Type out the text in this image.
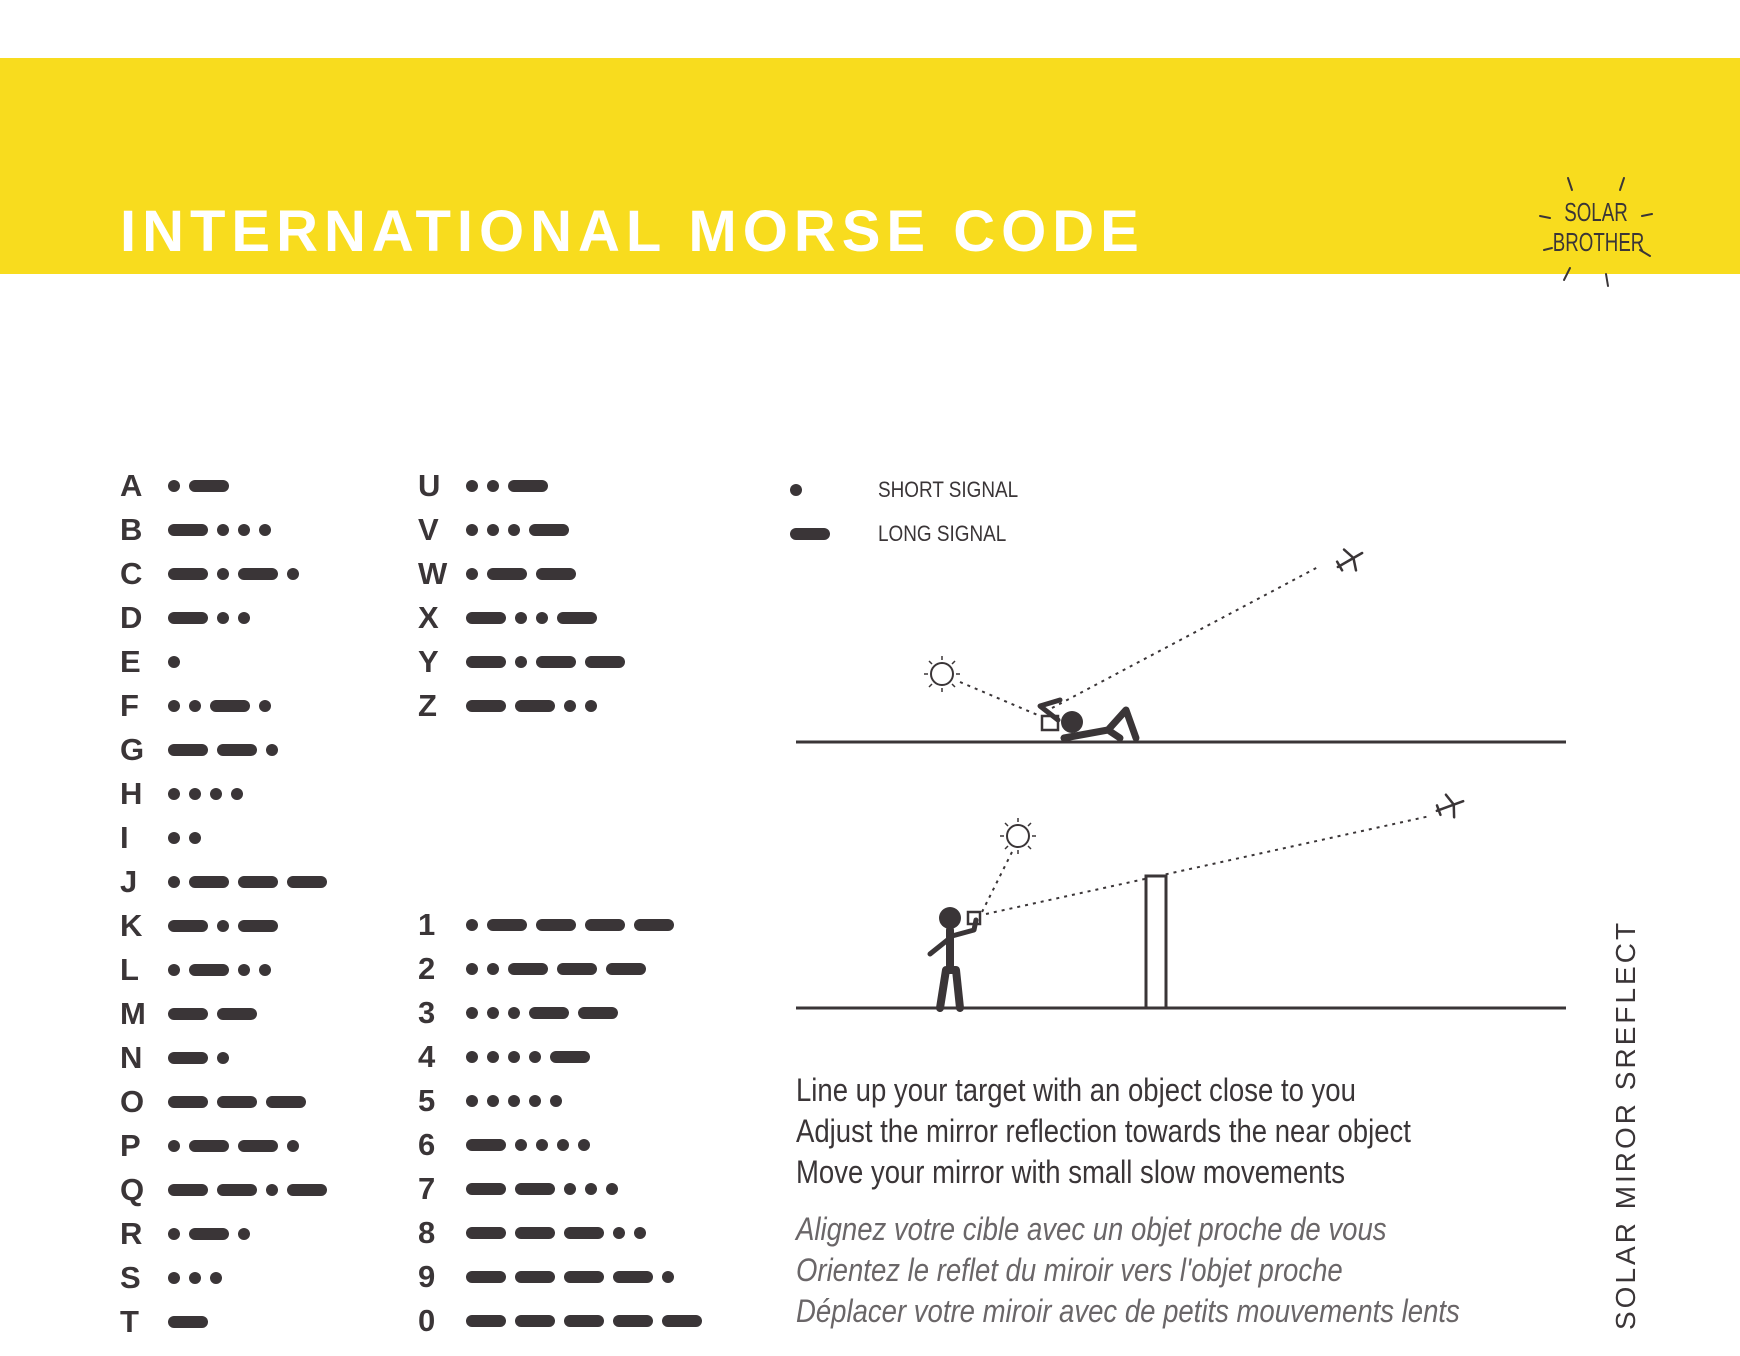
INTERNATIONAL MORSE CODE	SOLAR
BROTHER
A
B
C
D
E
F
G
H
I
J
K
L
M
N
O
P
Q
R
S
T
U
V
W
X
Y
Z
1
2
3
4
5
6
7
8
9
0
SHORT SIGNAL
LONG SIGNAL
Line up your target with an object close to you
Adjust the mirror reflection towards the near object
Move your mirror with small slow movements
Alignez votre cible avec un objet proche de vous
Orientez le reflet du miroir vers l'objet proche
Déplacer votre miroir avec de petits mouvements lents	SOLAR MIROR SREFLECT
